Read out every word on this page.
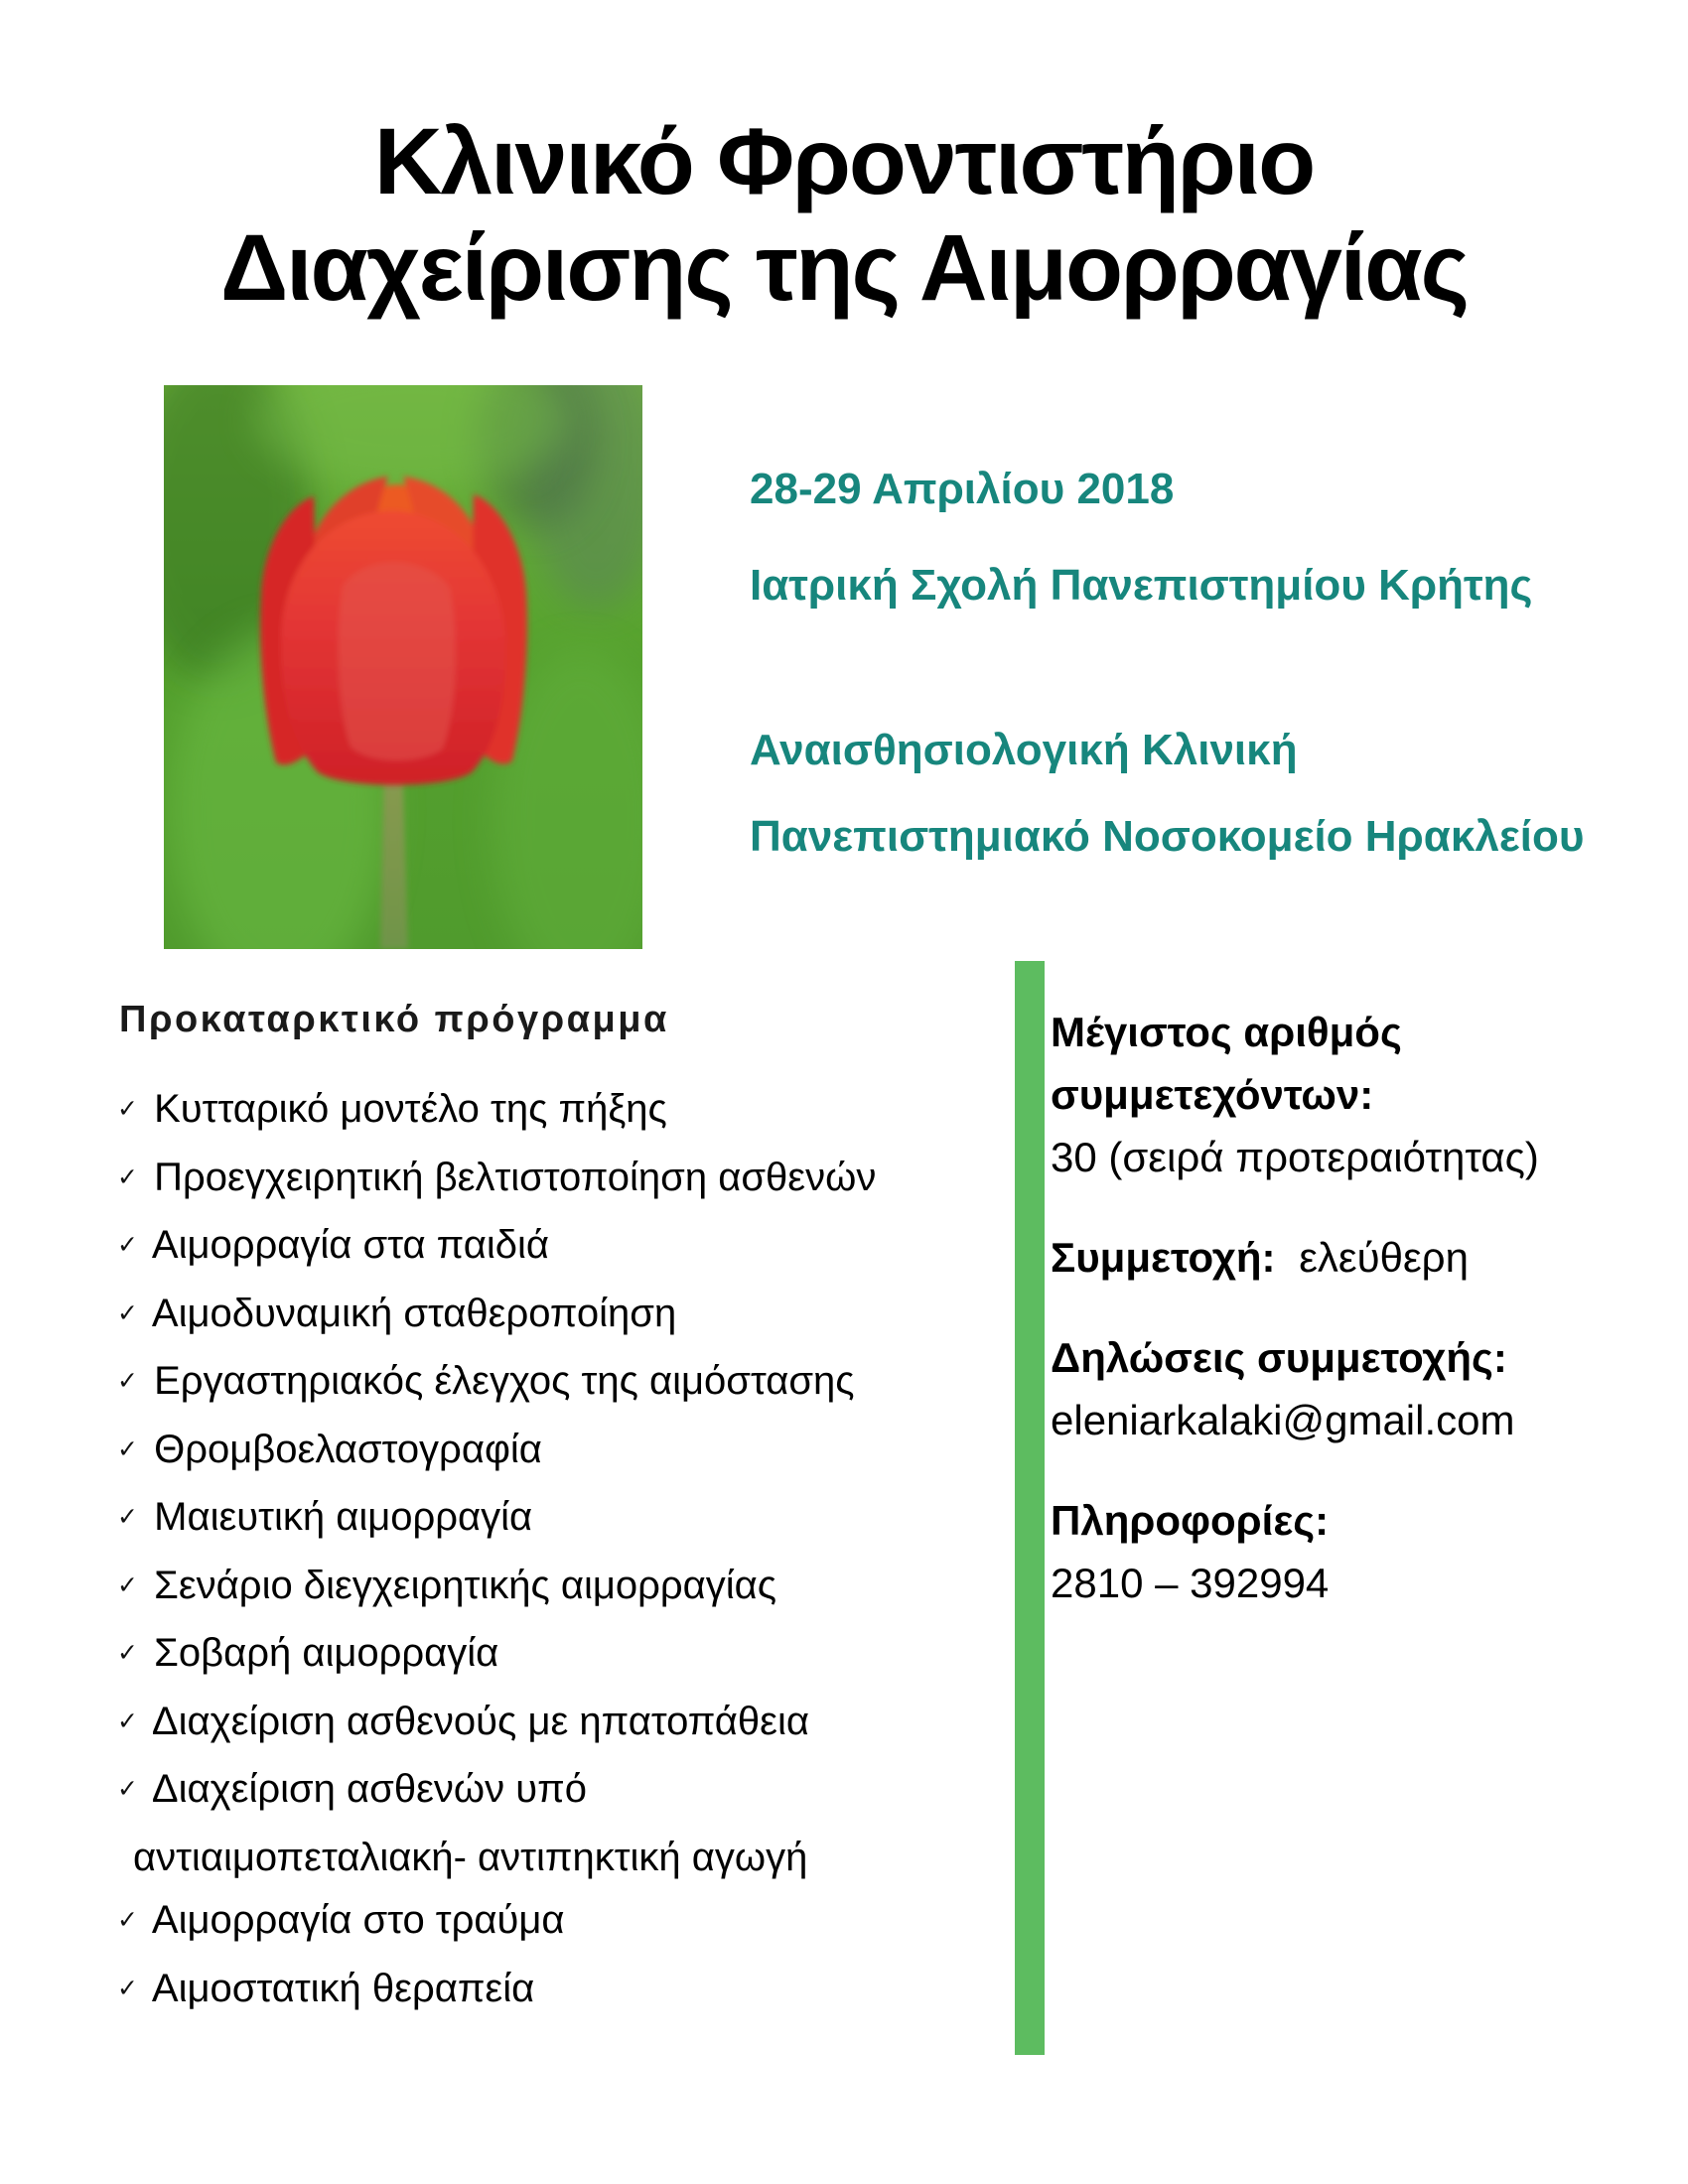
Κλινικό Φροντιστήριο
Διαχείρισης της Αιμορραγίας
28-29 Απριλίου 2018
Ιατρική Σχολή Πανεπιστημίου Κρήτης
Αναισθησιολογική Κλινική
Πανεπιστημιακό Νοσοκομείο Ηρακλείου
Προκαταρκτικό πρόγραμμα
✓ Κυτταρικό μοντέλο της πήξης
✓ Προεγχειρητική βελτιστοποίηση ασθενών
✓ Αιμορραγία στα παιδιά
✓ Αιμοδυναμική σταθεροποίηση
✓ Εργαστηριακός έλεγχος της αιμόστασης
✓ Θρομβοελαστογραφία
✓ Μαιευτική αιμορραγία
✓ Σενάριο διεγχειρητικής αιμορραγίας
✓ Σοβαρή αιμορραγία
✓ Διαχείριση ασθενούς με ηπατοπάθεια
✓ Διαχείριση ασθενών υπό
αντιαιμοπεταλιακή- αντιπηκτική αγωγή
✓ Αιμορραγία στο τραύμα
✓ Αιμοστατική θεραπεία
Μέγιστος αριθμός συμμετεχόντων:
30 (σειρά προτεραιότητας)
Συμμετοχή: ελεύθερη
Δηλώσεις συμμετοχής:
eleniarkalaki@gmail.com
Πληροφορίες:
2810 – 392994
